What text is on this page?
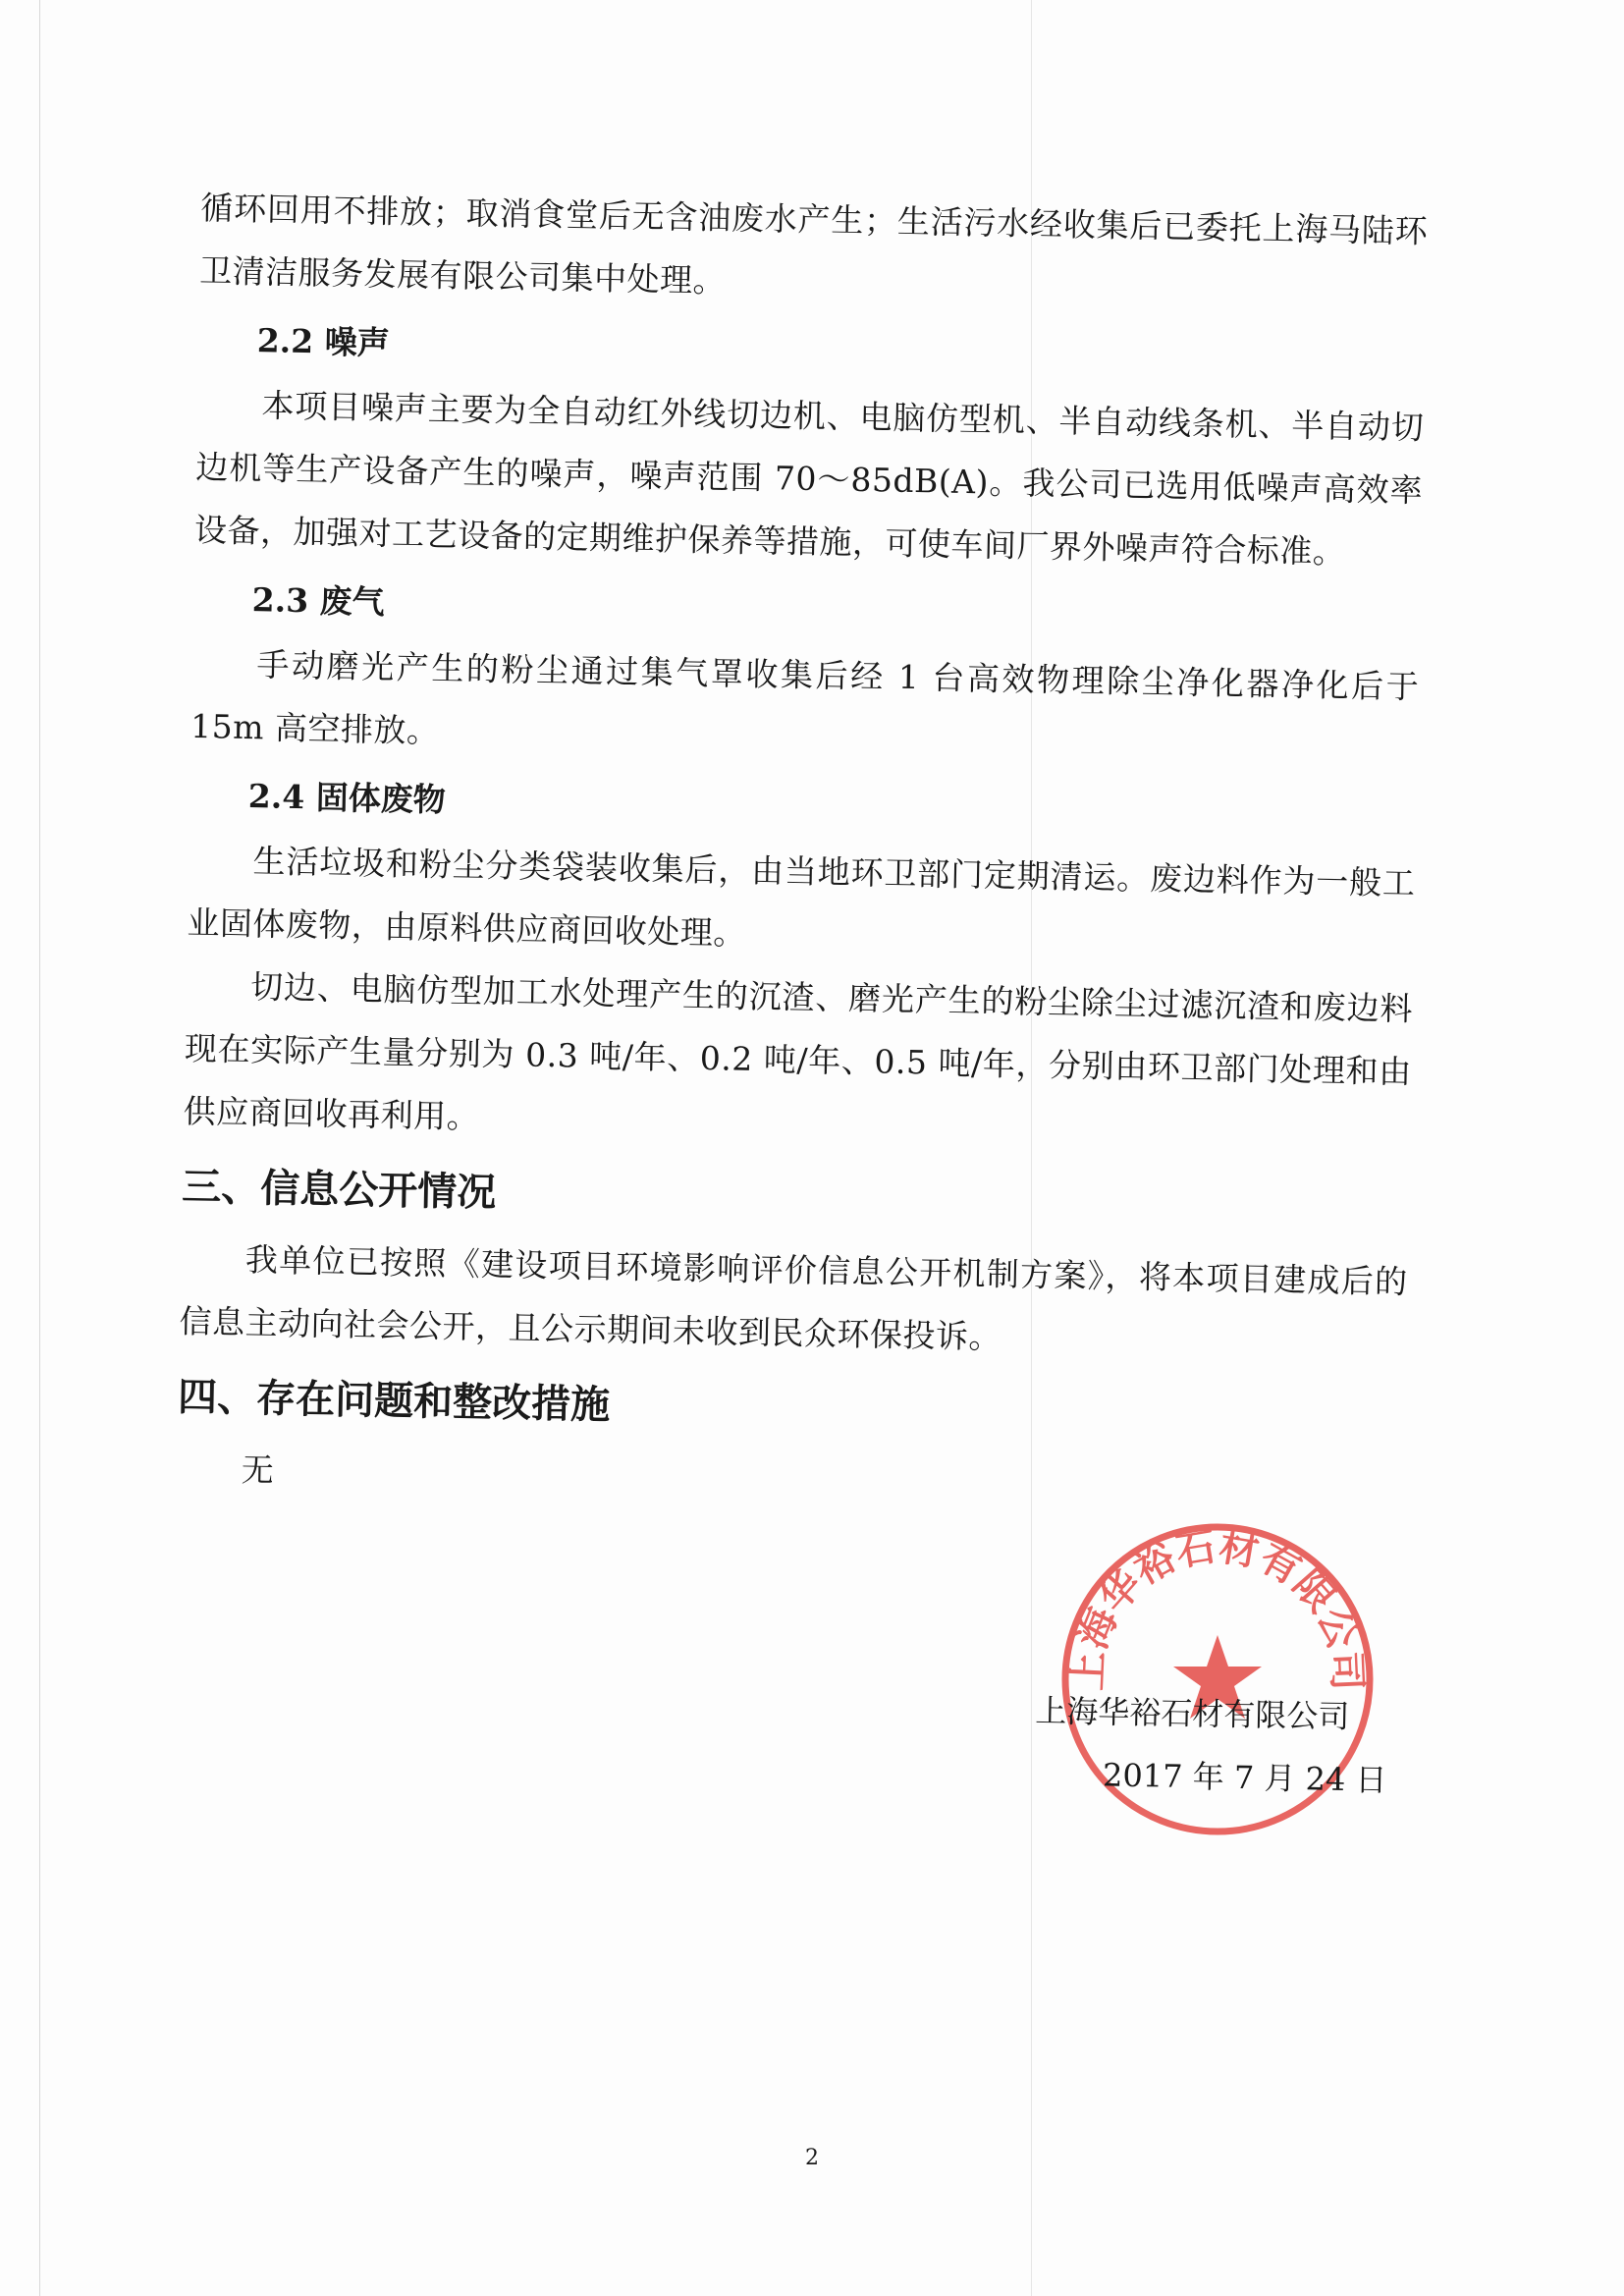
循环回用不排放；取消食堂后无含油废水产生；生活污水经收集后已委托上海马陆环卫清洁服务发展有限公司集中处理。

2.2 噪声

本项目噪声主要为全自动红外线切边机、电脑仿型机、半自动线条机、半自动切边机等生产设备产生的噪声，噪声范围 70～85dB(A)。我公司已选用低噪声高效率设备，加强对工艺设备的定期维护保养等措施，可使车间厂界外噪声符合标准。

2.3 废气

手动磨光产生的粉尘通过集气罩收集后经 1 台高效物理除尘净化器净化后于15m 高空排放。

2.4 固体废物

生活垃圾和粉尘分类袋装收集后，由当地环卫部门定期清运。废边料作为一般工业固体废物，由原料供应商回收处理。

切边、电脑仿型加工水处理产生的沉渣、磨光产生的粉尘除尘过滤沉渣和废边料现在实际产生量分别为 0.3 吨/年、0.2 吨/年、0.5 吨/年，分别由环卫部门处理和由供应商回收再利用。

三、信息公开情况

我单位已按照《建设项目环境影响评价信息公开机制方案》，将本项目建成后的信息主动向社会公开，且公示期间未收到民众环保投诉。

四、存在问题和整改措施

无

上海华裕石材有限公司
上海华裕石材有限公司
2017 年 7 月 24 日
2
